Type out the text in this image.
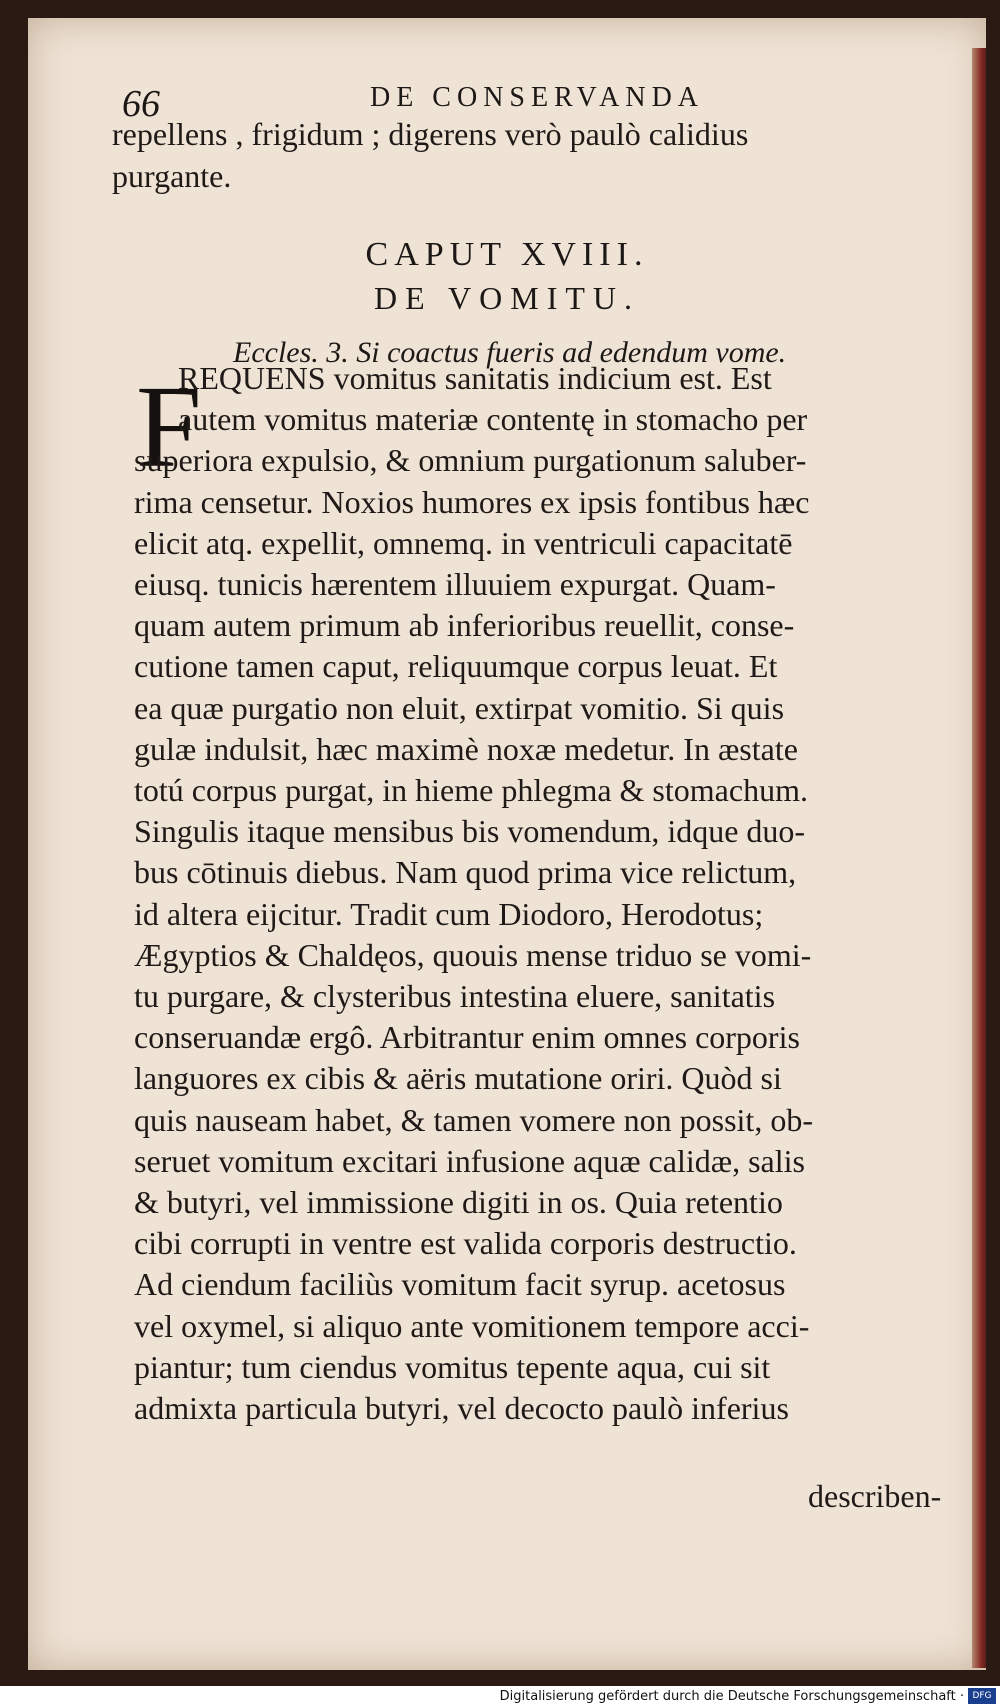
66	DE CONSERVANDA
repellens , frigidum ; digerens verò paulò calidius
purgante.
CAPUT XVIII.
DE VOMITU.
Eccles. 3. Si coactus fueris ad edendum vome.
F
REQUENS vomitus sanitatis indicium est. Est
autem vomitus materiæ contentę in stomacho per
superiora expulsio, & omnium purgationum saluber-
rima censetur. Noxios humores ex ipsis fontibus hæc
elicit atq. expellit, omnemq. in ventriculi capacitatē
eiusq. tunicis hærentem illuuiem expurgat. Quam-
quam autem primum ab inferioribus reuellit, conse-
cutione tamen caput, reliquumque corpus leuat. Et
ea quæ purgatio non eluit, extirpat vomitio. Si quis
gulæ indulsit, hæc maximè noxæ medetur. In æstate
totú corpus purgat, in hieme phlegma & stomachum.
Singulis itaque mensibus bis vomendum, idque duo-
bus cōtinuis diebus. Nam quod prima vice relictum,
id altera eijcitur. Tradit cum Diodoro, Herodotus;
Ægyptios & Chaldęos, quouis mense triduo se vomi-
tu purgare, & clysteribus intestina eluere, sanitatis
conseruandæ ergô. Arbitrantur enim omnes corporis
languores ex cibis & aëris mutatione oriri. Quòd si
quis nauseam habet, & tamen vomere non possit, ob-
seruet vomitum excitari infusione aquæ calidæ, salis
& butyri, vel immissione digiti in os. Quia retentio
cibi corrupti in ventre est valida corporis destructio.
Ad ciendum faciliùs vomitum facit syrup. acetosus
vel oxymel, si aliquo ante vomitionem tempore acci-
piantur; tum ciendus vomitus tepente aqua, cui sit
admixta particula butyri, vel decocto paulò inferius
describen-
Digitalisierung gefördert durch die Deutsche Forschungsgemeinschaft · DFG
